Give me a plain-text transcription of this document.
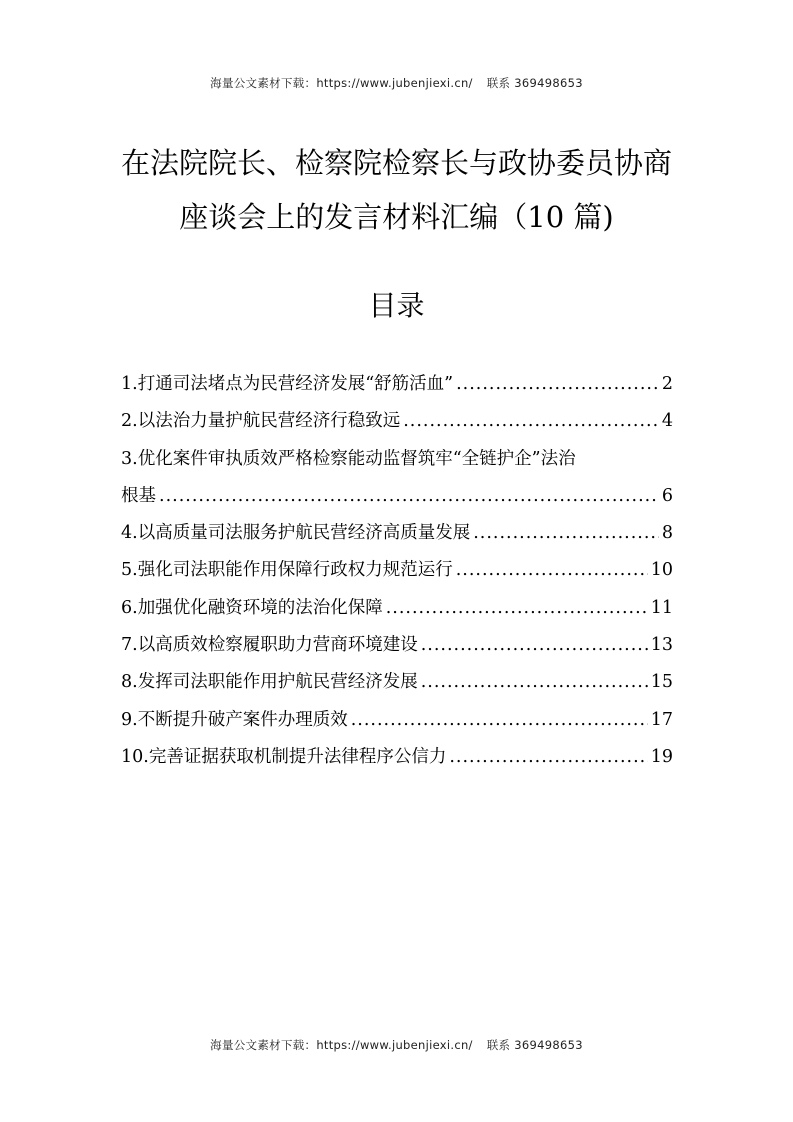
海量公文素材下载：https://www.jubenjiexi.cn/ 联系 369498653
在法院院长、检察院检察长与政协委员协商
座谈会上的发言材料汇编（10 篇)
目录
1.打通司法堵点为民营经济发展“舒筋活血” .....	2
2.以法治力量护航民营经济行稳致远 .....	4
3.优化案件审执质效严格检察能动监督筑牢“全链护企”法治
根基 .....	6
4.以高质量司法服务护航民营经济高质量发展 .....	8
5.强化司法职能作用保障行政权力规范运行 .....	10
6.加强优化融资环境的法治化保障 .....	11
7.以高质效检察履职助力营商环境建设 .....	13
8.发挥司法职能作用护航民营经济发展 .....	15
9.不断提升破产案件办理质效 .....	17
10.完善证据获取机制提升法律程序公信力 .....	19
海量公文素材下载：https://www.jubenjiexi.cn/ 联系 369498653
